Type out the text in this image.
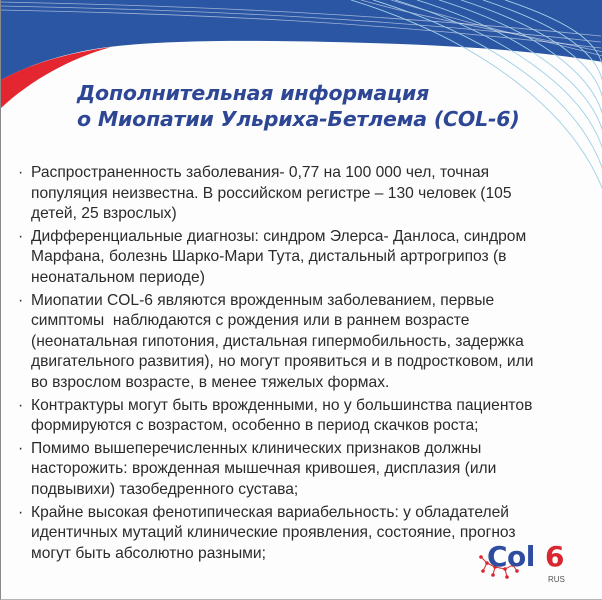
Дополнительная информация
о Миопатии Ульриха-Бетлема (COL-6)
· Распространенность заболевания- 0,77 на 100 000 чел, точная
популяция неизвестна. В российском регистре – 130 человек (105
детей, 25 взрослых)
· Дифференциальные диагнозы: синдром Элерса- Данлоса, синдром
Марфана, болезнь Шарко-Мари Тута, дистальный артрогрипоз (в
неонатальном периоде)
· Миопатии COL-6 являются врожденным заболеванием, первые
симптомы  наблюдаются с рождения или в раннем возрасте
(неонатальная гипотония, дистальная гипермобильность, задержка
двигательного развития), но могут проявиться и в подростковом, или
во взрослом возрасте, в менее тяжелых формах.
· Контрактуры могут быть врожденными, но у большинства пациентов
формируются с возрастом, особенно в период скачков роста;
· Помимо вышеперечисленных клинических признаков должны
насторожить: врожденная мышечная кривошея, дисплазия (или
подвывихи) тазобедренного сустава;
· Крайне высокая фенотипическая вариабельность: у обладателей
идентичных мутаций клинические проявления, состояние, прогноз
могут быть абсолютно разными;	Col 6
RUS
